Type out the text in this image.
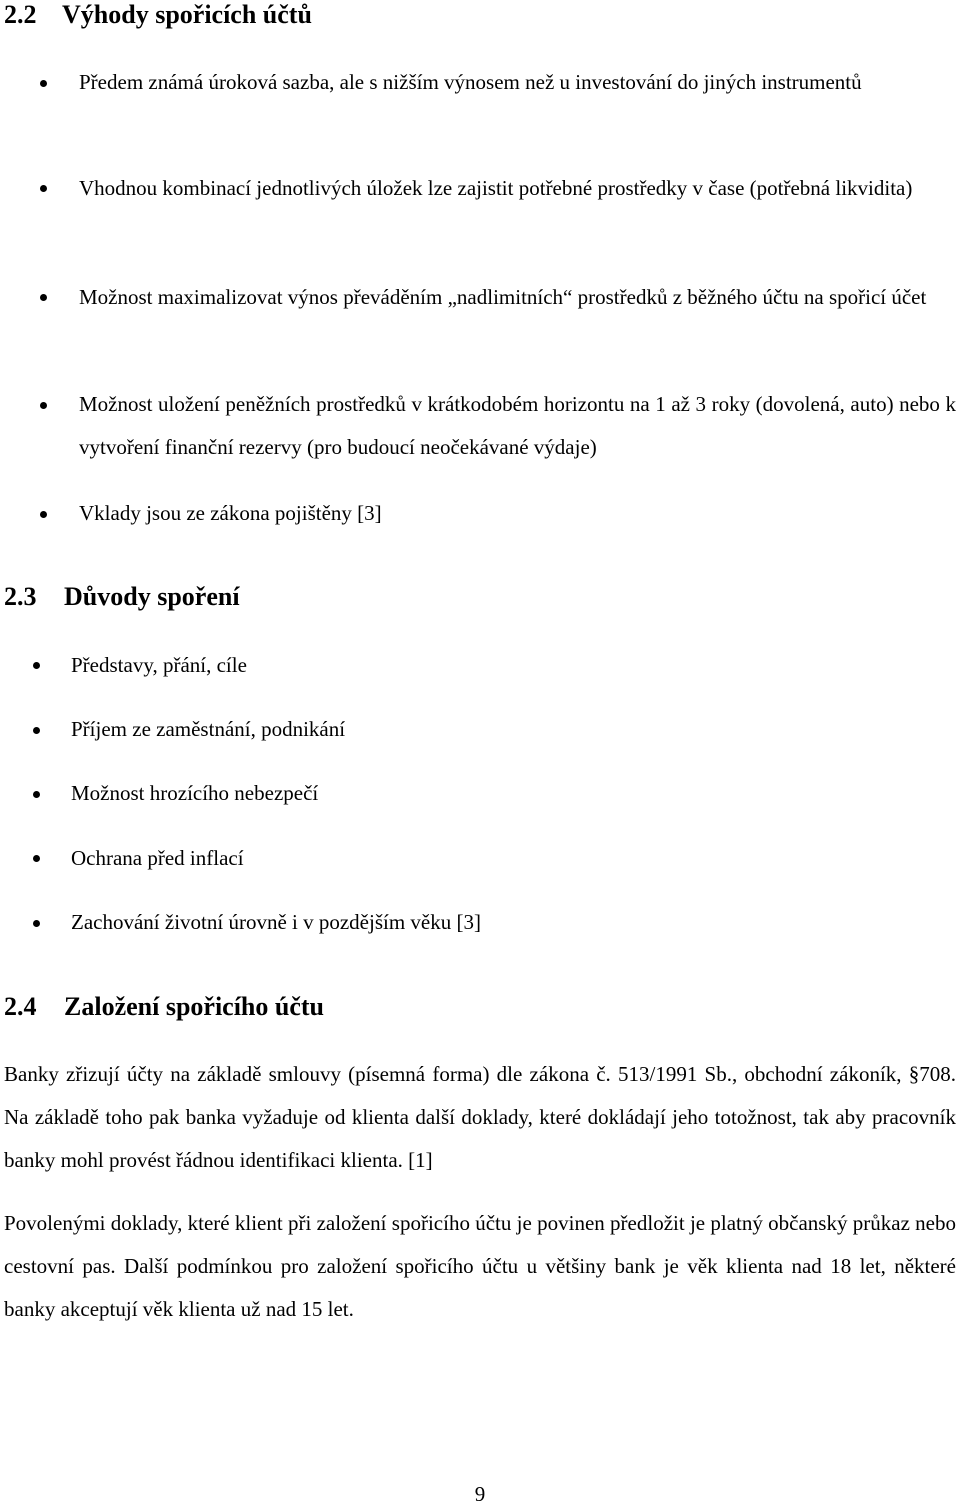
2.2 Výhody spořicích účtů
Předem známá úroková sazba, ale s nižším výnosem než u investování do jiných instrumentů
Vhodnou kombinací jednotlivých úložek lze zajistit potřebné prostředky v čase (potřebná likvidita)
Možnost maximalizovat výnos převáděním „nadlimitních“ prostředků z běžného účtu na spořicí účet
Možnost uložení peněžních prostředků v krátkodobém horizontu na 1 až 3 roky (dovolená, auto) nebo k vytvoření finanční rezervy (pro budoucí neočekávané výdaje)
Vklady jsou ze zákona pojištěny [3]
2.3 Důvody spoření
Představy, přání, cíle
Příjem ze zaměstnání, podnikání
Možnost hrozícího nebezpečí
Ochrana před inflací
Zachování životní úrovně i v pozdějším věku [3]
2.4 Založení spořicího účtu

Banky zřizují účty na základě smlouvy (písemná forma) dle zákona č. 513/1991 Sb., obchodní zákoník, §708. Na základě toho pak banka vyžaduje od klienta další doklady, které dokládají jeho totožnost, tak aby pracovník banky mohl provést řádnou identifikaci klienta. [1]

Povolenými doklady, které klient při založení spořicího účtu je povinen předložit je platný občanský průkaz nebo cestovní pas. Další podmínkou pro založení spořicího účtu u většiny bank je věk klienta nad 18 let, některé banky akceptují věk klienta už nad 15 let.

9
